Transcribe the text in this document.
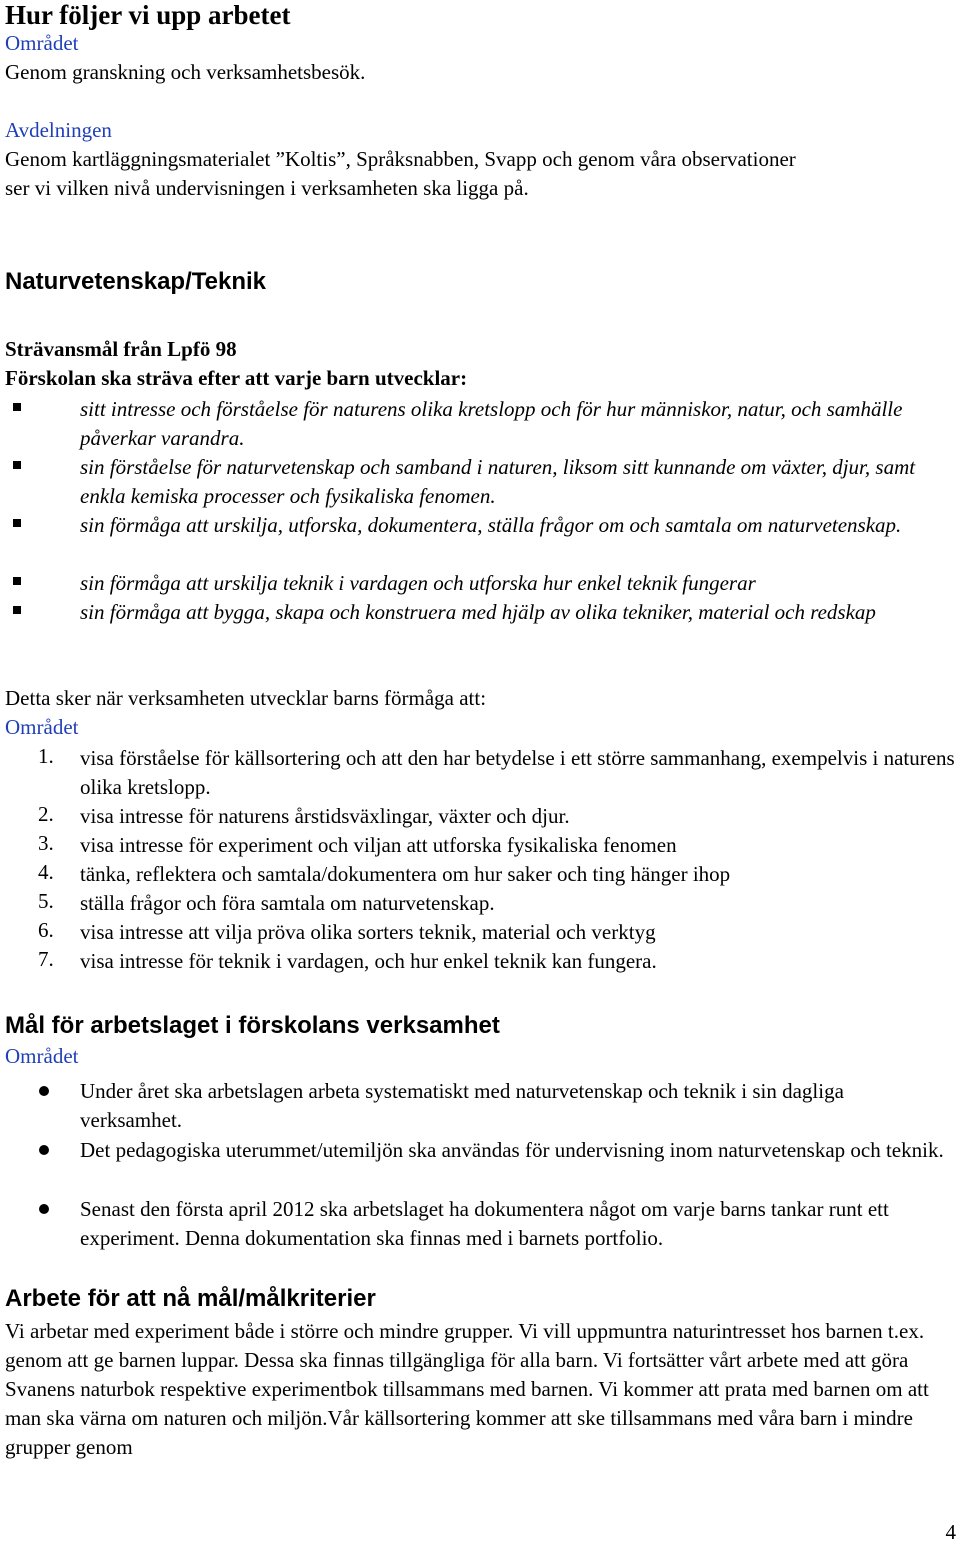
Hur följer vi upp arbetet
Området
Genom granskning och verksamhetsbesök.
Avdelningen
Genom kartläggningsmaterialet ”Koltis”, Språksnabben, Svapp och genom våra observationer
ser vi vilken nivå undervisningen i verksamheten ska ligga på.
Naturvetenskap/Teknik
Strävansmål från Lpfö 98
Förskolan ska sträva efter att varje barn utvecklar:
sitt intresse och förståelse för naturens olika kretslopp och för hur människor, natur, och samhälle påverkar varandra.
sin förståelse för naturvetenskap och samband i naturen, liksom sitt kunnande om växter, djur, samt enkla kemiska processer och fysikaliska fenomen.
sin förmåga att urskilja, utforska, dokumentera, ställa frågor om och samtala om naturvetenskap.
sin förmåga att urskilja teknik i vardagen och utforska hur enkel teknik fungerar
sin förmåga att bygga, skapa och konstruera med hjälp av olika tekniker, material och redskap
Detta sker när verksamheten utvecklar barns förmåga att:
Området
1. visa förståelse för källsortering och att den har betydelse i ett större sammanhang, exempelvis i naturens olika kretslopp.
2. visa intresse för naturens årstidsväxlingar, växter och djur.
3. visa intresse för experiment och viljan att utforska fysikaliska fenomen
4. tänka, reflektera och samtala/dokumentera om hur saker och ting hänger ihop
5. ställa frågor och föra samtala om naturvetenskap.
6. visa intresse att vilja pröva olika sorters teknik, material och verktyg
7. visa intresse för teknik i vardagen, och hur enkel teknik kan fungera.
Mål för arbetslaget i förskolans verksamhet
Området
Under året ska arbetslagen arbeta systematiskt med naturvetenskap och teknik i sin dagliga verksamhet.
Det pedagogiska uterummet/utemiljön ska användas för undervisning inom naturvetenskap och teknik.
Senast den första april 2012 ska arbetslaget ha dokumentera något om varje barns tankar runt ett experiment. Denna dokumentation ska finnas med i barnets portfolio.
Arbete för att nå mål/målkriterier
Vi arbetar med experiment både i större och mindre grupper. Vi vill uppmuntra naturintresset hos barnen t.ex. genom att ge barnen luppar. Dessa ska finnas tillgängliga för alla barn. Vi fortsätter vårt arbete med att göra Svanens naturbok respektive experimentbok tillsammans med barnen. Vi kommer att prata med barnen om att man ska värna om naturen och miljön.Vår källsortering kommer att ske tillsammans med våra barn i mindre grupper genom
4
